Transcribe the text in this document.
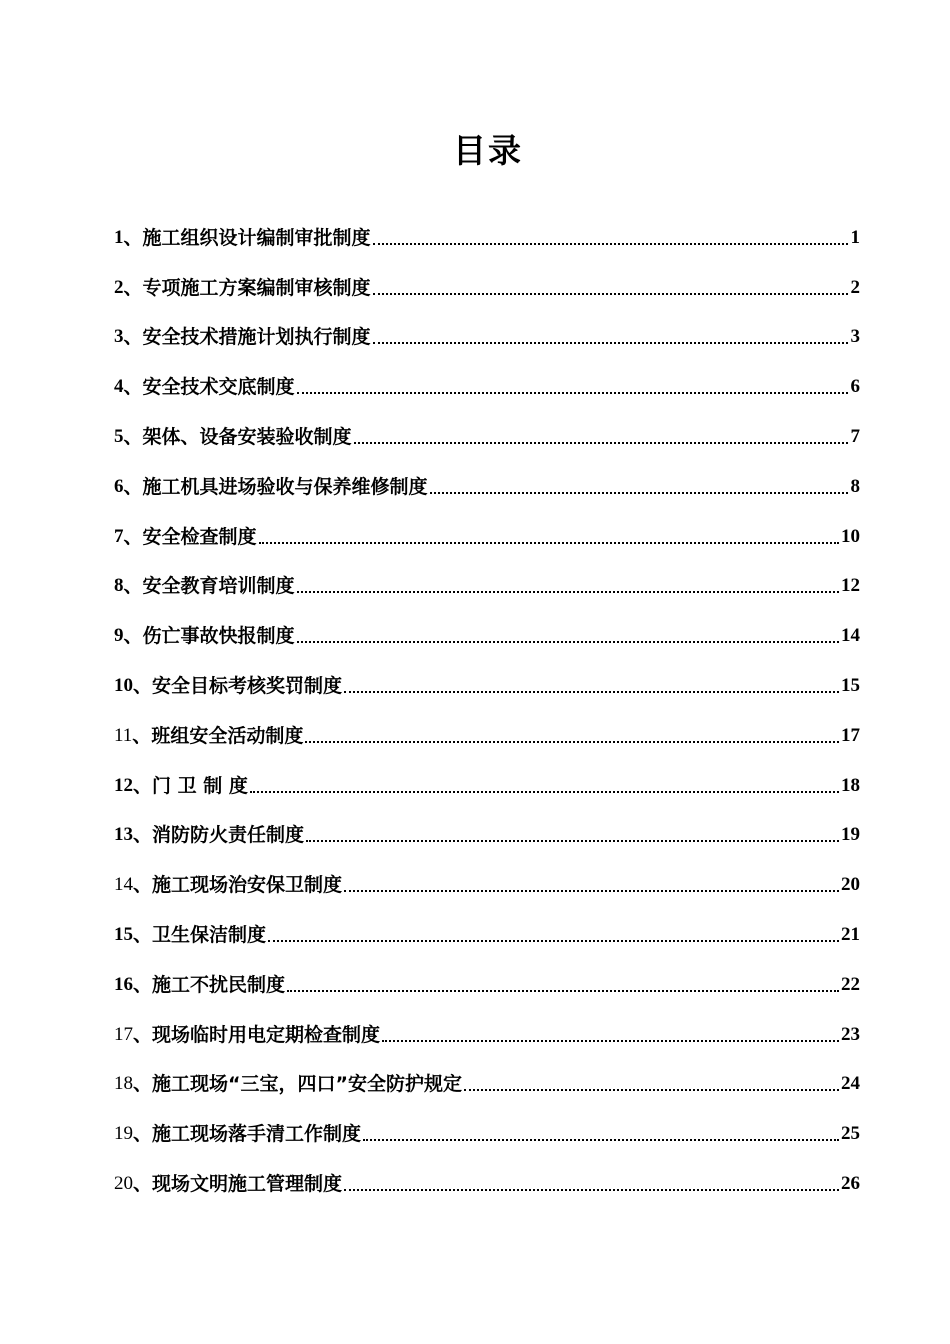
目录
1 、 施工组织设计编制审批制度	1
2 、 专项施工方案编制审核制度	2
3 、 安全技术措施计划执行制度	3
4 、 安全技术交底制度	6
5 、 架体、设备安装验收制度	7
6 、 施工机具进场验收与保养维修制度	8
7 、 安全检查制度	10
8 、 安全教育培训制度	12
9 、 伤亡事故快报制度	14
10 、 安全目标考核奖罚制度	15
11 、 班组安全活动制度	17
12 、 门 卫 制 度	18
13 、 消防防火责任制度	19
14 、 施工现场治安保卫制度	20
15 、 卫生保洁制度	21
16 、 施工不扰民制度	22
17 、 现场临时用电定期检查制度	23
18 、 施工现场“三宝，四口”安全防护规定	24
19 、 施工现场落手清工作制度	25
20 、 现场文明施工管理制度	26
